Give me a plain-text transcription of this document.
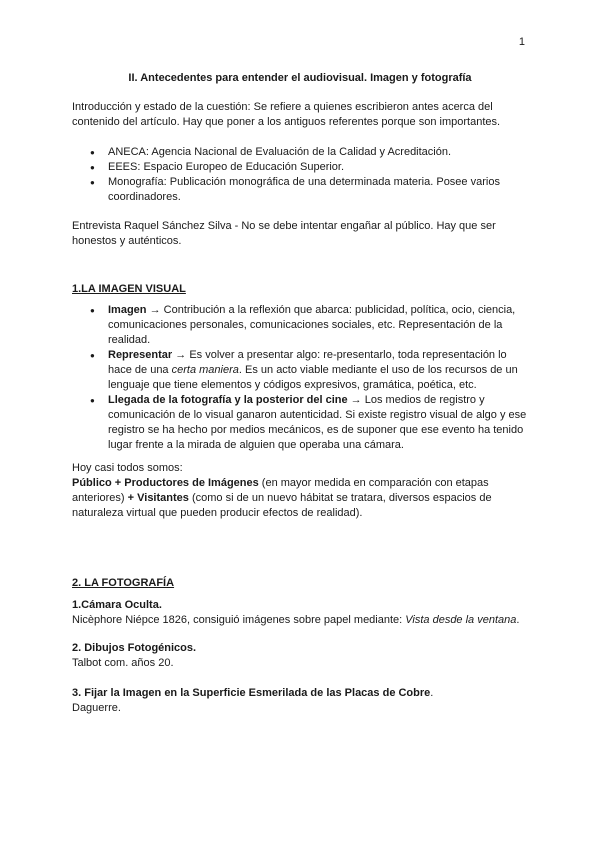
1

II. Antecedentes para entender el audiovisual. Imagen y fotografía

Introducción y estado de la cuestión: Se refiere a quienes escribieron antes acerca del contenido del artículo. Hay que poner a los antiguos referentes porque son importantes.

● ANECA: Agencia Nacional de Evaluación de la Calidad y Acreditación.
● EEES: Espacio Europeo de Educación Superior.
● Monografía: Publicación monográfica de una determinada materia. Posee varios coordinadores.

Entrevista Raquel Sánchez Silva - No se debe intentar engañar al público. Hay que ser honestos y auténticos.

1.LA IMAGEN VISUAL

● Imagen → Contribución a la reflexión que abarca: publicidad, política, ocio, ciencia, comunicaciones personales, comunicaciones sociales, etc. Representación de la realidad.
● Representar → Es volver a presentar algo: re-presentarlo, toda representación lo hace de una certa maniera. Es un acto viable mediante el uso de los recursos de un lenguaje que tiene elementos y códigos expresivos, gramática, poética, etc.
● Llegada de la fotografía y la posterior del cine → Los medios de registro y comunicación de lo visual ganaron autenticidad. Si existe registro visual de algo y ese registro se ha hecho por medios mecánicos, es de suponer que ese evento ha tenido lugar frente a la mirada de alguien que operaba una cámara.

Hoy casi todos somos:

Público + Productores de Imágenes (en mayor medida en comparación con etapas anteriores) + Visitantes (como si de un nuevo hábitat se tratara, diversos espacios de naturaleza virtual que pueden producir efectos de realidad).

2. LA FOTOGRAFÍA

1.Cámara Oculta.

Nicèphore Niépce 1826, consiguió imágenes sobre papel mediante: Vista desde la ventana.

2. Dibujos Fotogénicos.

Talbot com. años 20.

3. Fijar la Imagen en la Superficie Esmerilada de las Placas de Cobre.

Daguerre.
